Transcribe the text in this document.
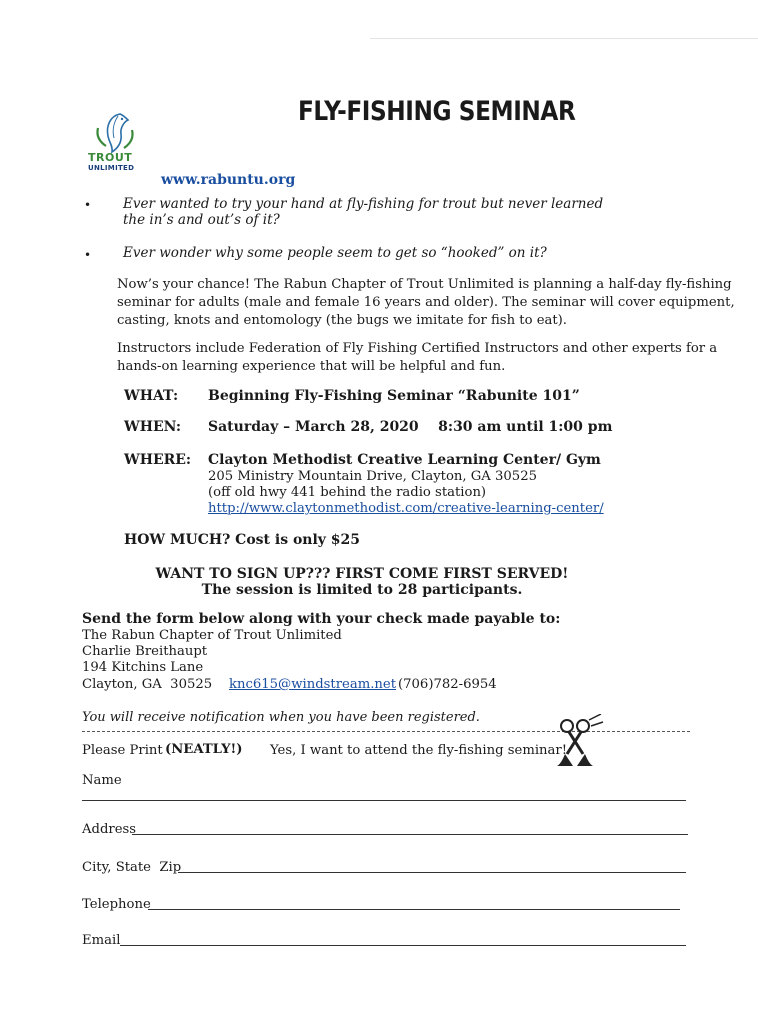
TROUT
UNLIMITED
FLY-FISHING SEMINAR
www.rabuntu.org
• Ever wanted to try your hand at fly-fishing for trout but never learned
the in’s and out’s of it?
• Ever wonder why some people seem to get so “hooked” on it?
Now’s your chance! The Rabun Chapter of Trout Unlimited is planning a half-day fly-fishing
seminar for adults (male and female 16 years and older). The seminar will cover equipment,
casting, knots and entomology (the bugs we imitate for fish to eat).
Instructors include Federation of Fly Fishing Certified Instructors and other experts for a
hands-on learning experience that will be helpful and fun.
WHAT: Beginning Fly-Fishing Seminar “Rabunite 101”
WHEN: Saturday – March 28, 2020    8:30 am until 1:00 pm
WHERE: Clayton Methodist Creative Learning Center/ Gym
205 Ministry Mountain Drive, Clayton, GA 30525
(off old hwy 441 behind the radio station)
http://www.claytonmethodist.com/creative-learning-center/
HOW MUCH? Cost is only $25
WANT TO SIGN UP??? FIRST COME FIRST SERVED!
The session is limited to 28 participants.
Send the form below along with your check made payable to:
The Rabun Chapter of Trout Unlimited
Charlie Breithaupt
194 Kitchins Lane
Clayton, GA  30525 knc615@windstream.net (706)782-6954
You will receive notification when you have been registered.
Please Print (NEATLY!) Yes, I want to attend the fly-fishing seminar!
Name
Address
City, State  Zip
Telephone
Email
